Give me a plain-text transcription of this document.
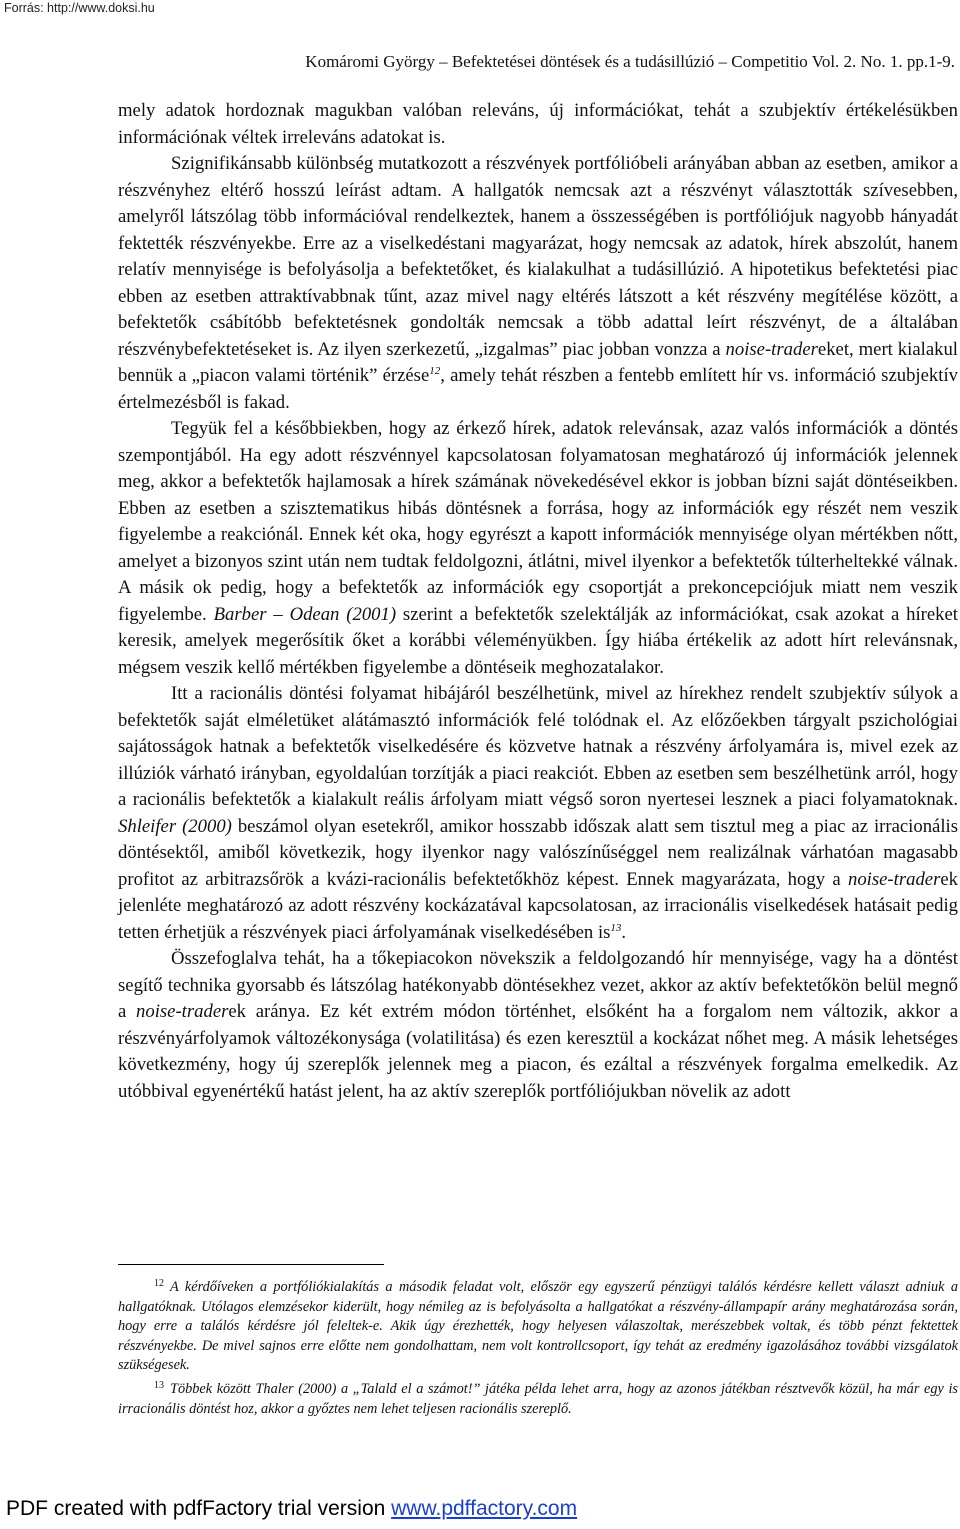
Forrás: http://www.doksi.hu
Komáromi György – Befektetései döntések és a tudásillúzió – Competitio Vol. 2. No. 1. pp.1-9.

mely adatok hordoznak magukban valóban releváns, új információkat, tehát a szubjektív értékelésükben információnak véltek irreleváns adatokat is.

Szignifikánsabb különbség mutatkozott a részvények portfólióbeli arányában abban az esetben, amikor a részvényhez eltérő hosszú leírást adtam. A hallgatók nemcsak azt a részvényt választották szívesebben, amelyről látszólag több információval rendelkeztek, hanem a összességében is portfóliójuk nagyobb hányadát fektették részvényekbe. Erre az a viselkedéstani magyarázat, hogy nemcsak az adatok, hírek abszolút, hanem relatív mennyisége is befolyásolja a befektetőket, és kialakulhat a tudásillúzió. A hipotetikus befektetési piac ebben az esetben attraktívabbnak tűnt, azaz mivel nagy eltérés látszott a két részvény megítélése között, a befektetők csábítóbb befektetésnek gondolták nemcsak a több adattal leírt részvényt, de a általában részvénybefektetéseket is. Az ilyen szerkezetű, „izgalmas” piac jobban vonzza a noise-tradereket, mert kialakul bennük a „piacon valami történik” érzése$^{12}$, amely tehát részben a fentebb említett hír vs. információ szubjektív értelmezésből is fakad.

Tegyük fel a későbbiekben, hogy az érkező hírek, adatok relevánsak, azaz valós információk a döntés szempontjából. Ha egy adott részvénnyel kapcsolatosan folyamatosan meghatározó új információk jelennek meg, akkor a befektetők hajlamosak a hírek számának növekedésével ekkor is jobban bízni saját döntéseikben. Ebben az esetben a szisztematikus hibás döntésnek a forrása, hogy az információk egy részét nem veszik figyelembe a reakciónál. Ennek két oka, hogy egyrészt a kapott információk mennyisége olyan mértékben nőtt, amelyet a bizonyos szint után nem tudtak feldolgozni, átlátni, mivel ilyenkor a befektetők túlterheltekké válnak. A másik ok pedig, hogy a befektetők az információk egy csoportját a prekoncepciójuk miatt nem veszik figyelembe. Barber – Odean (2001) szerint a befektetők szelektálják az információkat, csak azokat a híreket keresik, amelyek megerősítik őket a korábbi véleményükben. Így hiába értékelik az adott hírt relevánsnak, mégsem veszik kellő mértékben figyelembe a döntéseik meghozatalakor.

Itt a racionális döntési folyamat hibájáról beszélhetünk, mivel az hírekhez rendelt szubjektív súlyok a befektetők saját elméletüket alátámasztó információk felé tolódnak el. Az előzőekben tárgyalt pszichológiai sajátosságok hatnak a befektetők viselkedésére és közvetve hatnak a részvény árfolyamára is, mivel ezek az illúziók várható irányban, egyoldalúan torzítják a piaci reakciót. Ebben az esetben sem beszélhetünk arról, hogy a racionális befektetők a kialakult reális árfolyam miatt végső soron nyertesei lesznek a piaci folyamatoknak. Shleifer (2000) beszámol olyan esetekről, amikor hosszabb időszak alatt sem tisztul meg a piac az irracionális döntésektől, amiből következik, hogy ilyenkor nagy valószínűséggel nem realizálnak várhatóan magasabb profitot az arbitrazsőrök a kvázi-racionális befektetőkhöz képest. Ennek magyarázata, hogy a noise-traderek jelenléte meghatározó az adott részvény kockázatával kapcsolatosan, az irracionális viselkedések hatásait pedig tetten érhetjük a részvények piaci árfolyamának viselkedésében $is^{13}$.

Összefoglalva tehát, ha a tőkepiacokon növekszik a feldolgozandó hír mennyisége, vagy ha a döntést segítő technika gyorsabb és látszólag hatékonyabb döntésekhez vezet, akkor az aktív befektetőkön belül megnő a noise-traderek aránya. Ez két extrém módon történhet, elsőként ha a forgalom nem változik, akkor a részvényárfolyamok változékonysága (volatilitása) és ezen keresztül a kockázat nőhet meg. A másik lehetséges következmény, hogy új szereplők jelennek meg a piacon, és ezáltal a részvények forgalma emelkedik. Az utóbbival egyenértékű hatást jelent, ha az aktív szereplők portfóliójukban növelik az adott

$^{12}$ A kérdőíveken a portfóliókialakítás a második feladat volt, először egy egyszerű pénzügyi találós kérdésre kellett választ adniuk a hallgatóknak. Utólagos elemzésekor kiderült, hogy némileg az is befolyásolta a hallgatókat a részvény-állampapír arány meghatározása során, hogy erre a találós kérdésre jól feleltek-e. Akik úgy érezhették, hogy helyesen válaszoltak, merészebbek voltak, és több pénzt fektettek részvényekbe. De mivel sajnos erre előtte nem gondolhattam, nem volt kontrollcsoport, így tehát az eredmény igazolásához további vizsgálatok szükségesek.

$^{13}$ Többek között Thaler (2000) a „Talald el a számot!” játéka példa lehet arra, hogy az azonos játékban résztvevők közül, ha már egy is irracionális döntést hoz, akkor a győztes nem lehet teljesen racionális szereplő.

PDF created with pdfFactory trial version www.pdffactory.com
